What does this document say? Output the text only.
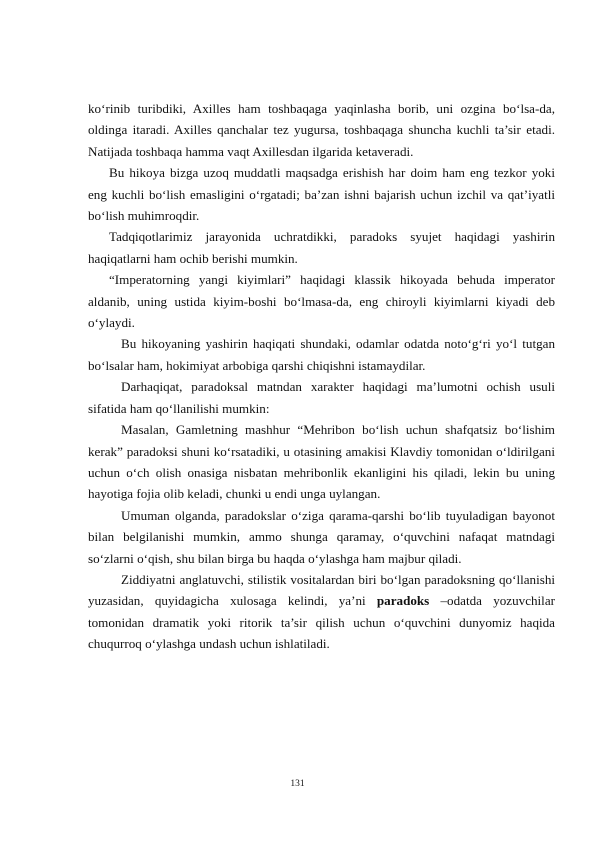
ko‘rinib turibdiki, Axilles ham toshbaqaga yaqinlasha borib, uni ozgina bo‘lsa-da, oldinga itaradi. Axilles qanchalar tez yugursa, toshbaqaga shuncha kuchli ta’sir etadi. Natijada toshbaqa hamma vaqt Axillesdan ilgarida ketaveradi.

Bu hikoya bizga uzoq muddatli maqsadga erishish har doim ham eng tezkor yoki eng kuchli bo‘lish emasligini o‘rgatadi; ba’zan ishni bajarish uchun izchil va qat’iyatli bo‘lish muhimroqdir.

Tadqiqotlarimiz jarayonida uchratdikki, paradoks syujet haqidagi yashirin haqiqatlarni ham ochib berishi mumkin.

“Imperatorning yangi kiyimlari” haqidagi klassik hikoyada behuda imperator aldanib, uning ustida kiyim-boshi bo‘lmasa-da, eng chiroyli kiyimlarni kiyadi deb o‘ylaydi.

Bu hikoyaning yashirin haqiqati shundaki, odamlar odatda noto‘g‘ri yo‘l tutgan bo‘lsalar ham, hokimiyat arbobiga qarshi chiqishni istamaydilar.

Darhaqiqat, paradoksal matndan xarakter haqidagi ma’lumotni ochish usuli sifatida ham qo‘llanilishi mumkin:

Masalan, Gamletning mashhur “Mehribon bo‘lish uchun shafqatsiz bo‘lishim kerak” paradoksi shuni ko‘rsatadiki, u otasining amakisi Klavdiy tomonidan o‘ldirilgani uchun o‘ch olish onasiga nisbatan mehribonlik ekanligini his qiladi, lekin bu uning hayotiga fojia olib keladi, chunki u endi unga uylangan.

Umuman olganda, paradokslar o‘ziga qarama-qarshi bo‘lib tuyuladigan bayonot bilan belgilanishi mumkin, ammo shunga qaramay, o‘quvchini nafaqat matndagi so‘zlarni o‘qish, shu bilan birga bu haqda o‘ylashga ham majbur qiladi.

Ziddiyatni anglatuvchi, stilistik vositalardan biri bo‘lgan paradoksning qo‘llanishi yuzasidan, quyidagicha xulosaga kelindi, ya’ni paradoks –odatda yozuvchilar tomonidan dramatik yoki ritorik ta’sir qilish uchun o‘quvchini dunyomiz haqida chuqurroq o‘ylashga undash uchun ishlatiladi.

131
